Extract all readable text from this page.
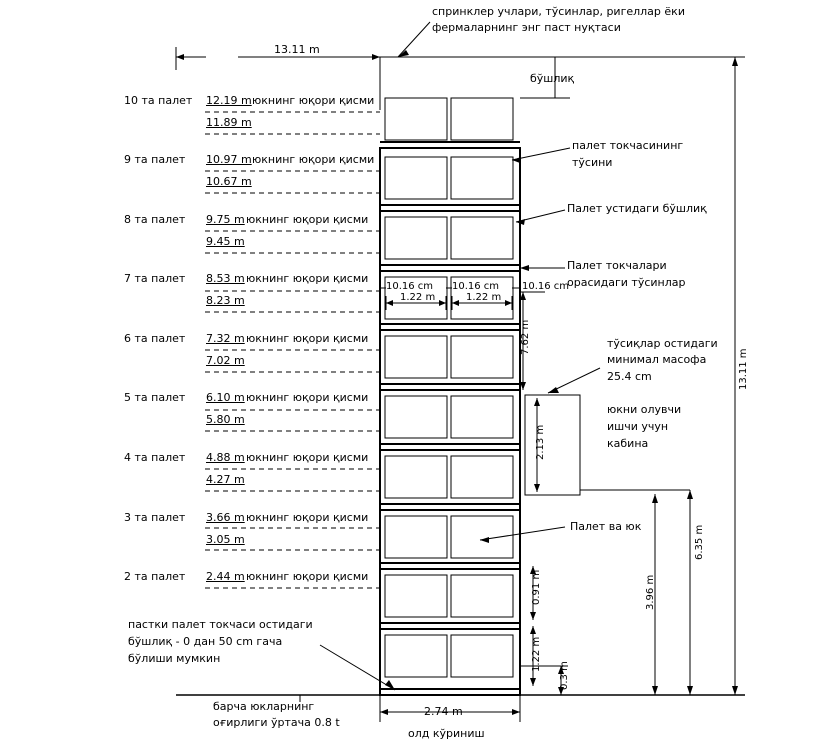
спринклер учлари, тўсинлар, ригеллар ёки
фермаларнинг энг паст нуқтаси
13.11 m
бўшлиқ
13.11 m
6.35 m
3.96 m
7.62 m
2.13 m
0.91 m
1.22 m
0.3 m
10 та палет 12.19 m юкнинг юқори қисми
11.89 m
9 та палет 10.97 m юкнинг юқори қисми
10.67 m
8 та палет 9.75 m юкнинг юқори қисми
9.45 m
7 та палет 8.53 m юкнинг юқори қисми
8.23 m
6 та палет 7.32 m юкнинг юқори қисми
7.02 m
5 та палет 6.10 m юкнинг юқори қисми
5.80 m
4 та палет 4.88 m юкнинг юқори қисми
4.27 m
3 та палет 3.66 m юкнинг юқори қисми
3.05 m
2 та палет 2.44 m юкнинг юқори қисми
палет токчасининг
тўсини
Палет устидаги бўшлиқ
Палет токчалари
орасидаги тўсинлар
тўсиқлар остидаги
минимал масофа
25.4 cm
юкни олувчи
ишчи учун
кабина
Палет ва юк
пастки палет токчаси остидаги
бўшлиқ - 0 дан 50 cm гача
бўлиши мумкин
барча юкларнинг
оғирлиги ўртача 0.8 t
2.74 m
олд кўриниш
10.16 cm 10.16 cm 10.16 cm
1.22 m	1.22 m
